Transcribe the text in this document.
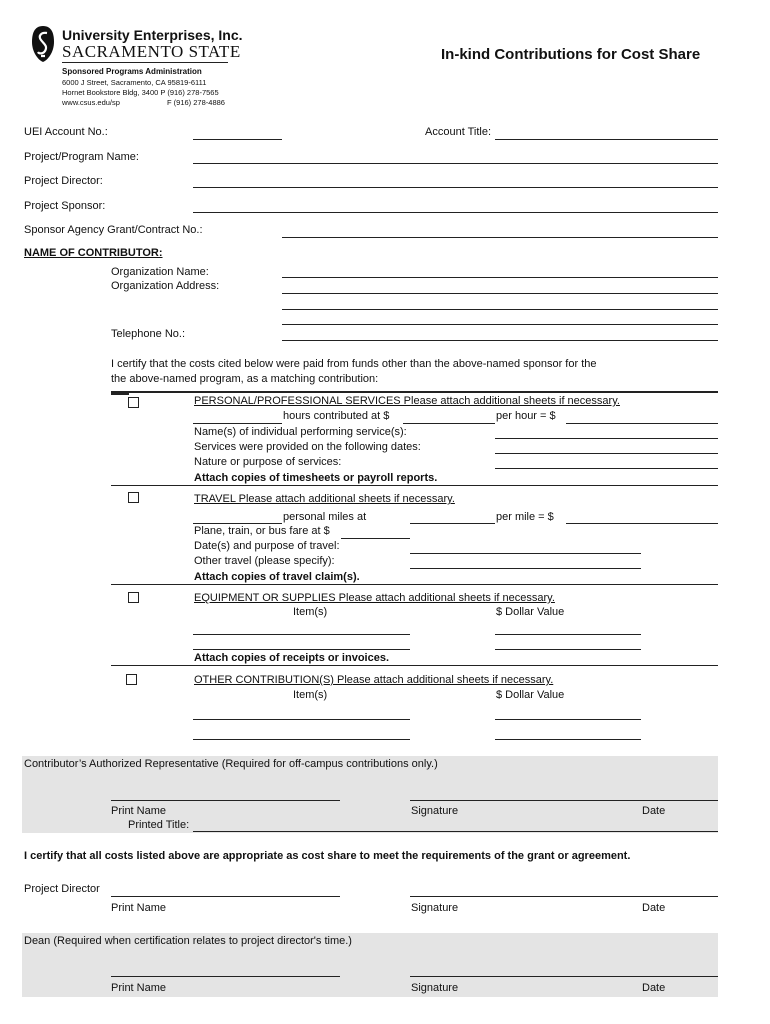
University Enterprises, Inc.
SACRAMENTO STATE
Sponsored Programs Administration
6000 J Street, Sacramento, CA 95819-6111
Hornet Bookstore Bldg, 3400 P (916) 278-7565
www.csus.edu/sp	F (916) 278-4886
In-kind Contributions for Cost Share
UEI Account No.:	Account Title:
Project/Program Name:
Project Director:
Project Sponsor:
Sponsor Agency Grant/Contract No.:
NAME OF CONTRIBUTOR:
Organization Name:
Organization Address:
Telephone No.:
I certify that the costs cited below were paid from funds other than the above-named sponsor for the
the above-named program, as a matching contribution:
PERSONAL/PROFESSIONAL SERVICES Please attach additional sheets if necessary.
hours contributed at $	per hour = $
Name(s) of individual performing service(s):
Services were provided on the following dates:
Nature or purpose of services:
Attach copies of timesheets or payroll reports.
TRAVEL Please attach additional sheets if necessary.
personal miles at	per mile = $
Plane, train, or bus fare at $
Date(s) and purpose of travel:
Other travel (please specify):
Attach copies of travel claim(s).
EQUIPMENT OR SUPPLIES Please attach additional sheets if necessary.
Item(s)	$ Dollar Value
Attach copies of receipts or invoices.
OTHER CONTRIBUTION(S) Please attach additional sheets if necessary.
Item(s)	$ Dollar Value
Contributor’s Authorized Representative (Required for off-campus contributions only.)
Print Name	Signature	Date
Printed Title:
I certify that all costs listed above are appropriate as cost share to meet the requirements of the grant or agreement.
Project Director
Print Name	Signature	Date
Dean (Required when certification relates to project director's time.)
Print Name	Signature	Date
